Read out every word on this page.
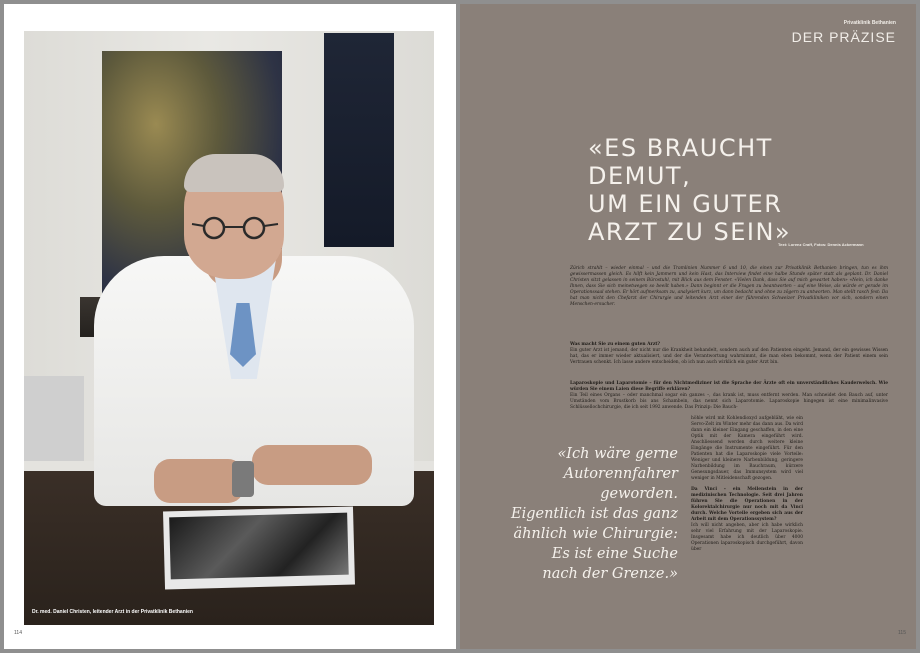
Dr. med. Daniel Christen, leitender Arzt in der Privatklinik Bethanien
114
Privatklinik Bethanien
DER PRÄZISE
«ES BRAUCHT
DEMUT,
UM EIN GUTER
ARZT ZU SEIN»
Text: Lorenz Craff, Fotos: Dennis Ackermann

Zürich strahlt – wieder einmal – und die Tramlinien Nummer 6 und 10, die einen zur Privatklinik Bethanien bringen, tun es ihm gewissermassen gleich. Es hilft kein Jammern und kein Hast, das Interview findet eine halbe Stunde später statt als geplant. Dr. Daniel Christen sitzt gelassen in seinem Bürostuhl, mit Blick aus dem Fenster. «Vielen Dank, dass Sie auf mich gewartet haben» «Nein, ich danke Ihnen, dass Sie sich meinetwegen so beeilt haben.» Dann beginnt er die Fragen zu beantworten – auf eine Weise, als würde er gerade im Operationssaal stehen. Er hört aufmerksam zu, analysiert kurz, um dann bedacht und ohne zu zögern zu antworten. Man stellt rasch fest: Da hat man nicht den Chefarzt der Chirurgie und leitenden Arzt einer der führenden Schweizer Privatkliniken vor sich, sondern einen Menschen-ersucher.

Was macht Sie zu einem guten Arzt?
Ein guter Arzt ist jemand, der nicht nur die Krankheit behandelt, sondern auch auf den Patienten eingeht. Jemand, der ein gewisses Wissen hat, das er immer wieder aktualisiert, und der die Verantwortung wahrnimmt, die man eben bekommt, wenn der Patient einem sein Vertrauen schenkt. Ich lasse andere entscheiden, ob ich nun auch wirklich ein guter Arzt bin.

Laparoskopie und Laparotomie – für den Nichtmediziner ist die Sprache der Ärzte oft ein unverständliches Kauderwelsch. Wie würden Sie einem Laien diese Begriffe erklären?
Ein Teil eines Organs – oder manchmal sogar ein ganzes –, das krank ist, muss entfernt werden. Man schneidet den Bauch auf, unter Umständen vom Brustkorb bis ans Schambein, das nennt sich Laparotomie. Laparoskopie hingegen ist eine minimalinvasive Schlüssellochchirurgie, die ich seit 1992 anwende. Das Prinzip: Die Bauch-

«Ich wäre gerne
Autorennfahrer
geworden.
Eigentlich ist das ganz
ähnlich wie Chirurgie:
Es ist eine Suche
nach der Grenze.»
höhle wird mit Kohlendioxyd aufgebläht, wie ein Servo-Zelt im Winter mehr das dann aus. Da wird dann ein kleiner Eingang geschaffen, in den eine Optik mit der Kamera eingeführt wird. Anschliessend werden durch weitere kleine Eingänge die Instrumente eingeführt. Für den Patienten hat die Laparoskopie viele Vorteile: Weniger und kleinere Narbenbildung, geringere Narbenbildung im Bauchraum, kürzere Genesungsdauer, das Immunsystem wird viel weniger in Mitleidenschaft gezogen.
Da Vinci – ein Meilenstein in der medizinischen Technologie. Seit drei Jahren führen Sie die Operationen in der Kolorektalchirurgie nur noch mit da Vinci durch. Welche Vorteile ergeben sich aus der Arbeit mit dem Operationssystem?
Ich will nicht angeben, aber ich habe wirklich sehr viel Erfahrung mit der Laparoskopie. Insgesamt habe ich deutlich über 4000 Operationen laparoskopisch durchgeführt, davon über
115
